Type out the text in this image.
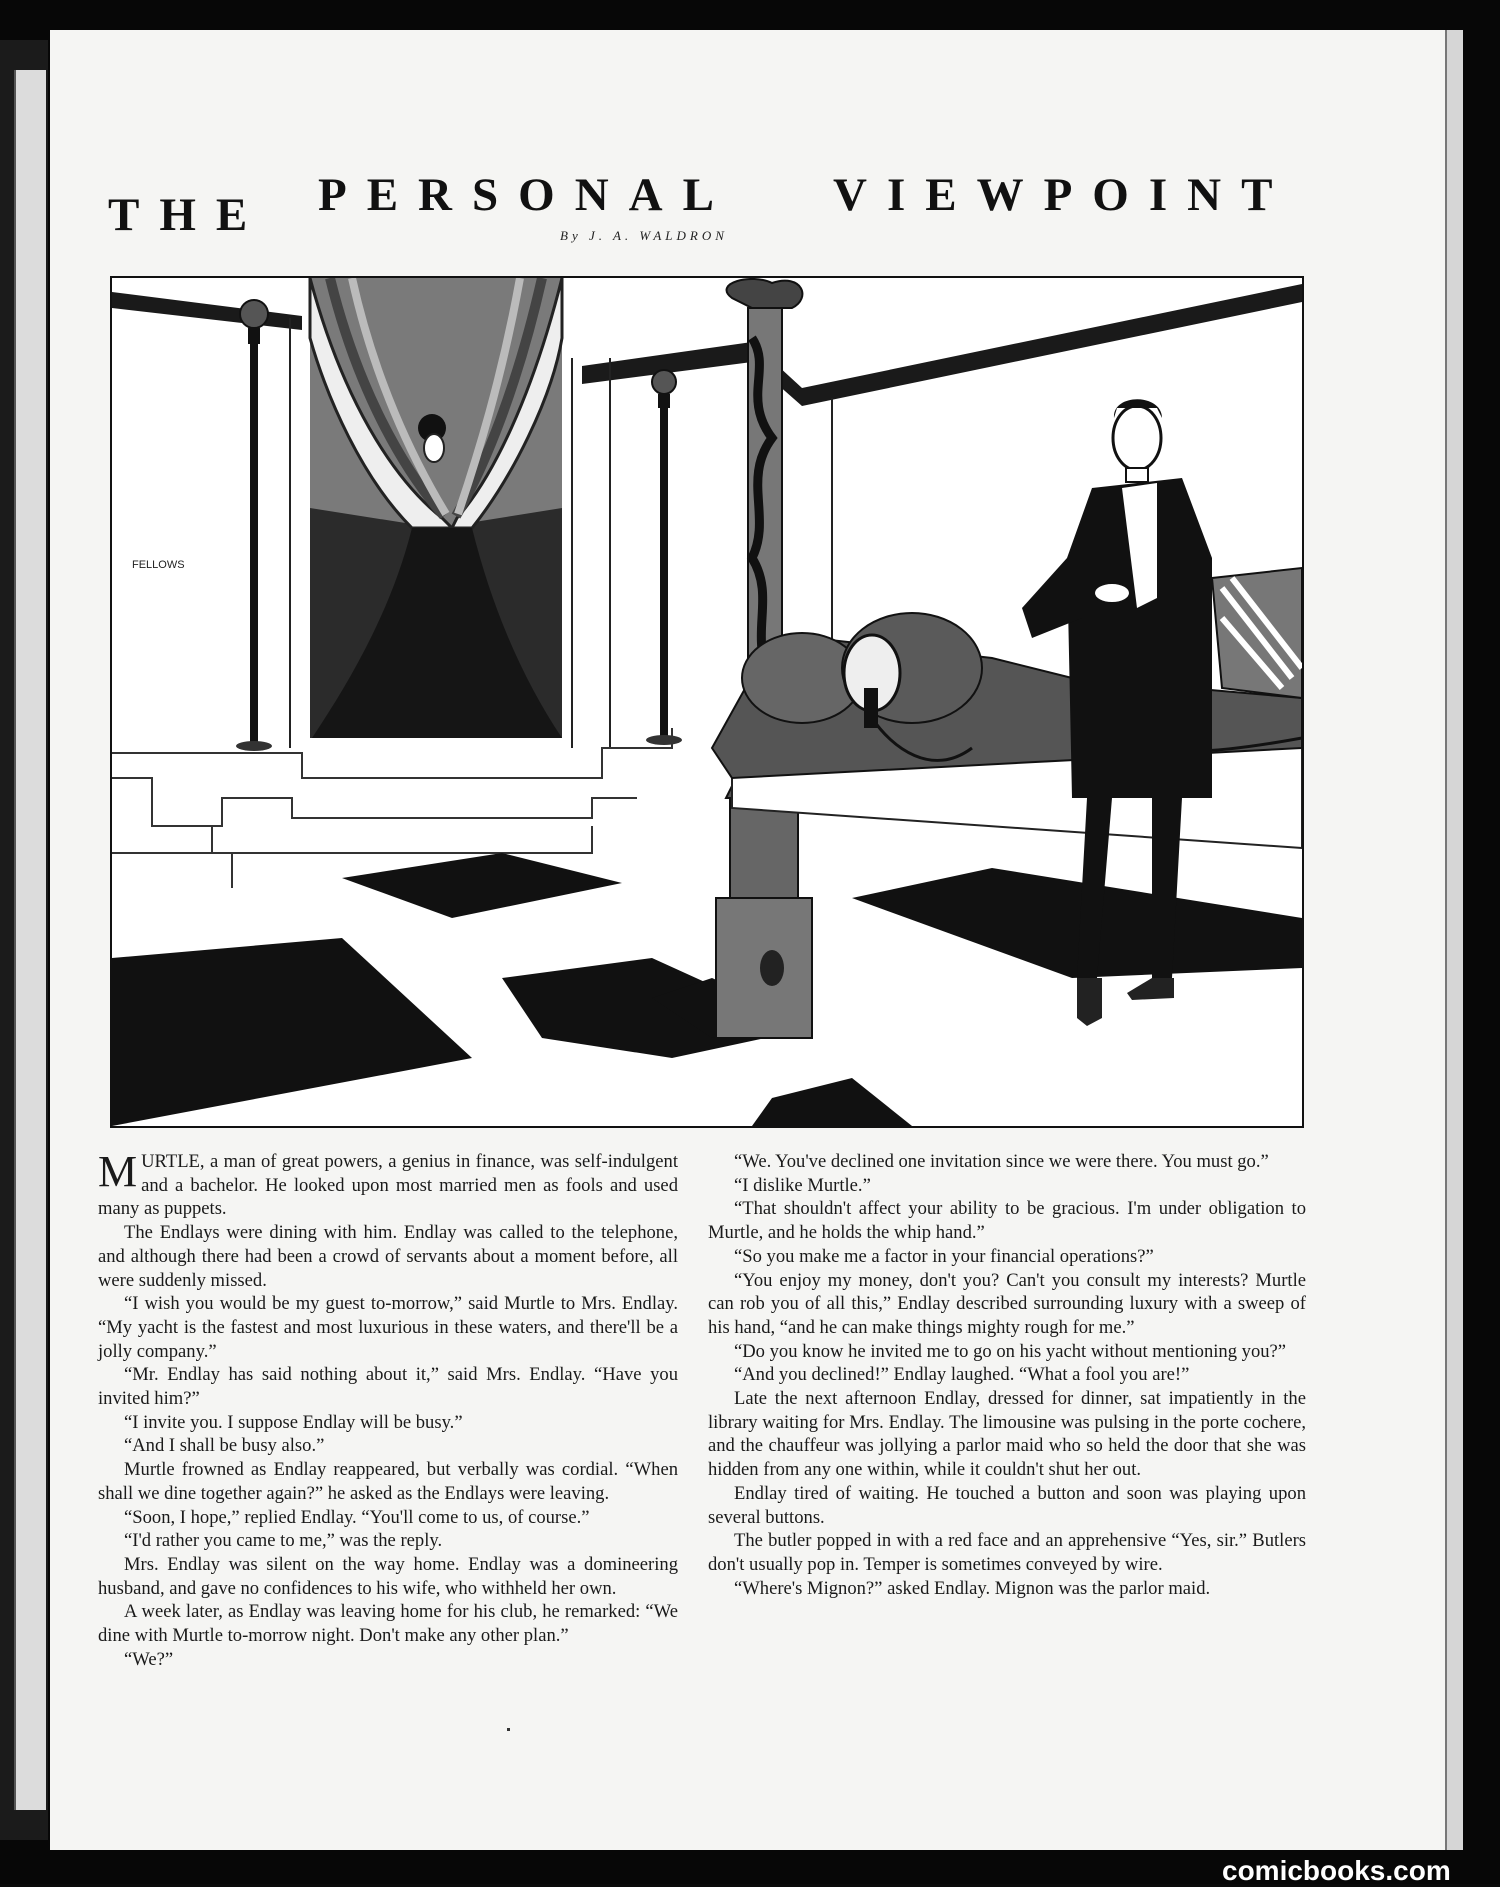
THE PERSONAL VIEWPOINT
By J. A. WALDRON
FELLOWS

MURTLE, a man of great powers, a genius in finance, was self-indulgent and a bachelor. He looked upon most married men as fools and used many as puppets.

The Endlays were dining with him. Endlay was called to the telephone, and although there had been a crowd of servants about a moment before, all were suddenly missed.

“I wish you would be my guest to-morrow,” said Murtle to Mrs. Endlay. “My yacht is the fastest and most luxurious in these waters, and there'll be a jolly company.”

“Mr. Endlay has said nothing about it,” said Mrs. Endlay. “Have you invited him?”

“I invite you. I suppose Endlay will be busy.”

“And I shall be busy also.”

Murtle frowned as Endlay reappeared, but verbally was cordial. “When shall we dine together again?” he asked as the Endlays were leaving.

“Soon, I hope,” replied Endlay. “You'll come to us, of course.”

“I'd rather you came to me,” was the reply.

Mrs. Endlay was silent on the way home. Endlay was a domineering husband, and gave no confidences to his wife, who withheld her own.

A week later, as Endlay was leaving home for his club, he remarked: “We dine with Murtle to-morrow night. Don't make any other plan.”

“We?”

“We. You've declined one invitation since we were there. You must go.”

“I dislike Murtle.”

“That shouldn't affect your ability to be gracious. I'm under obligation to Murtle, and he holds the whip hand.”

“So you make me a factor in your financial operations?”

“You enjoy my money, don't you? Can't you consult my interests? Murtle can rob you of all this,” Endlay described surrounding luxury with a sweep of his hand, “and he can make things mighty rough for me.”

“Do you know he invited me to go on his yacht without mentioning you?”

“And you declined!” Endlay laughed. “What a fool you are!”

Late the next afternoon Endlay, dressed for dinner, sat impatiently in the library waiting for Mrs. Endlay. The limousine was pulsing in the porte cochere, and the chauffeur was jollying a parlor maid who so held the door that she was hidden from any one within, while it couldn't shut her out.

Endlay tired of waiting. He touched a button and soon was playing upon several buttons.

The butler popped in with a red face and an apprehensive “Yes, sir.” Butlers don't usually pop in. Temper is sometimes conveyed by wire.

“Where's Mignon?” asked Endlay. Mignon was the parlor maid.

comicbooks.com
